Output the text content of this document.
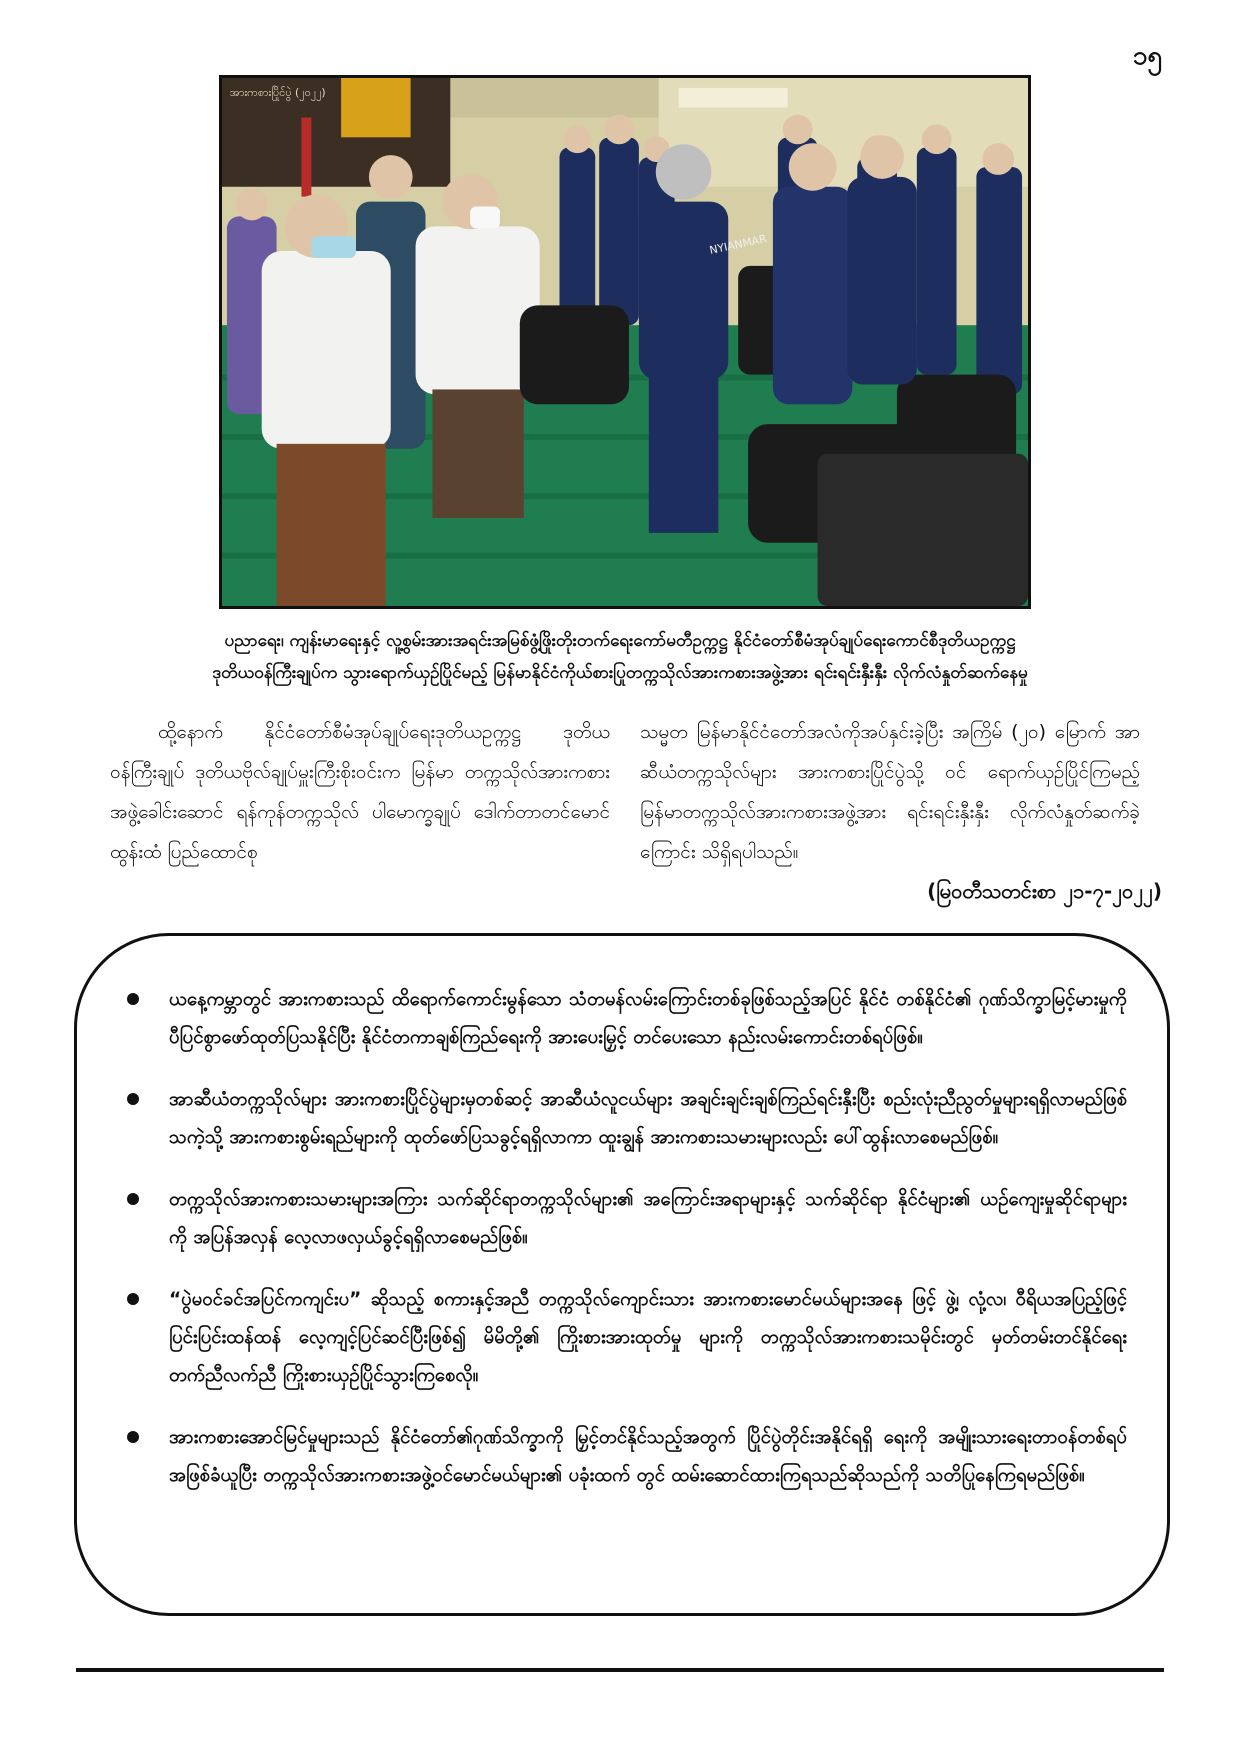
၁၅
အားကစားပြိုင်ပွဲ (၂၀၂၂)
NYIANMAR
ပညာရေး၊ ကျန်းမာရေးနှင့် လူ့စွမ်းအားအရင်းအမြစ်ဖွံ့ဖြိုးတိုးတက်ရေးကော်မတီဥက္ကဋ္ဌ နိုင်ငံတော်စီမံအုပ်ချုပ်ရေးကောင်စီဒုတိယဥက္ကဋ္ဌ
ဒုတိယဝန်ကြီးချုပ်က သွားရောက်ယှဉ်ပြိုင်မည့် မြန်မာနိုင်ငံကိုယ်စားပြုတက္ကသိုလ်အားကစားအဖွဲ့အား ရင်းရင်းနှီးနှီး လိုက်လံနှုတ်ဆက်နေမှု
ထို့နောက် နိုင်ငံတော်စီမံအုပ်ချုပ်ရေးဒုတိယဥက္ကဋ္ဌ ဒုတိယဝန်ကြီးချုပ် ဒုတိယဗိုလ်ချုပ်မှူးကြီးစိုးဝင်းက မြန်မာ တက္ကသိုလ်အားကစားအဖွဲ့ခေါင်းဆောင် ရန်ကုန်တက္ကသိုလ် ပါမောက္ခချုပ် ဒေါက်တာတင်မောင်ထွန်းထံ ပြည်ထောင်စု
သမ္မတ မြန်မာနိုင်ငံတော်အလံကိုအပ်နှင်းခဲ့ပြီး အကြိမ် (၂၀) မြောက် အာဆီယံတက္ကသိုလ်များ အားကစားပြိုင်ပွဲသို့ ဝင် ရောက်ယှဉ်ပြိုင်ကြမည့် မြန်မာတက္ကသိုလ်အားကစားအဖွဲ့အား ရင်းရင်းနှီးနှီး လိုက်လံနှုတ်ဆက်ခဲ့ကြောင်း သိရှိရပါသည်။
(မြဝတီသတင်းစာ ၂၁-၇-၂၀၂၂)
ယနေ့ကမ္ဘာတွင် အားကစားသည် ထိရောက်ကောင်းမွန်သော သံတမန်လမ်းကြောင်းတစ်ခုဖြစ်သည့်အပြင် နိုင်ငံ တစ်နိုင်ငံ၏ ဂုဏ်သိက္ခာမြင့်မားမှုကို ပီပြင်စွာဖော်ထုတ်ပြသနိုင်ပြီး နိုင်ငံတကာချစ်ကြည်ရေးကို အားပေးမြှင့် တင်ပေးသော နည်းလမ်းကောင်းတစ်ရပ်ဖြစ်။
အာဆီယံတက္ကသိုလ်များ အားကစားပြိုင်ပွဲများမှတစ်ဆင့် အာဆီယံလူငယ်များ အချင်းချင်းချစ်ကြည်ရင်းနှီးပြီး စည်းလုံးညီညွတ်မှုများရရှိလာမည်ဖြစ်သကဲ့သို့ အားကစားစွမ်းရည်များကို ထုတ်ဖော်ပြသခွင့်ရရှိလာကာ ထူးချွန် အားကစားသမားများလည်း ပေါ်ထွန်းလာစေမည်ဖြစ်။
တက္ကသိုလ်အားကစားသမားများအကြား သက်ဆိုင်ရာတက္ကသိုလ်များ၏ အကြောင်းအရာများနှင့် သက်ဆိုင်ရာ နိုင်ငံများ၏ ယဉ်ကျေးမှုဆိုင်ရာများကို အပြန်အလှန် လေ့လာဖလှယ်ခွင့်ရရှိလာစေမည်ဖြစ်။
“ပွဲမဝင်ခင်အပြင်ကကျင်းပ” ဆိုသည့် စကားနှင့်အညီ တက္ကသိုလ်ကျောင်းသား အားကစားမောင်မယ်များအနေ ဖြင့် ဖွဲ့၊ လုံ့လ၊ ဝီရိယအပြည့်ဖြင့် ပြင်းပြင်းထန်ထန် လေ့ကျင့်ပြင်ဆင်ပြီးဖြစ်၍ မိမိတို့၏ ကြိုးစားအားထုတ်မှု များကို တက္ကသိုလ်အားကစားသမိုင်းတွင် မှတ်တမ်းတင်နိုင်ရေး တက်ညီလက်ညီ ကြိုးစားယှဉ်ပြိုင်သွားကြစေလို။
အားကစားအောင်မြင်မှုများသည် နိုင်ငံတော်၏ဂုဏ်သိက္ခာကို မြှင့်တင်နိုင်သည့်အတွက် ပြိုင်ပွဲတိုင်းအနိုင်ရရှိ ရေးကို အမျိုးသားရေးတာဝန်တစ်ရပ်အဖြစ်ခံယူပြီး တက္ကသိုလ်အားကစားအဖွဲ့ဝင်မောင်မယ်များ၏ ပခုံးထက် တွင် ထမ်းဆောင်ထားကြရသည်ဆိုသည်ကို သတိပြုနေကြရမည်ဖြစ်။
